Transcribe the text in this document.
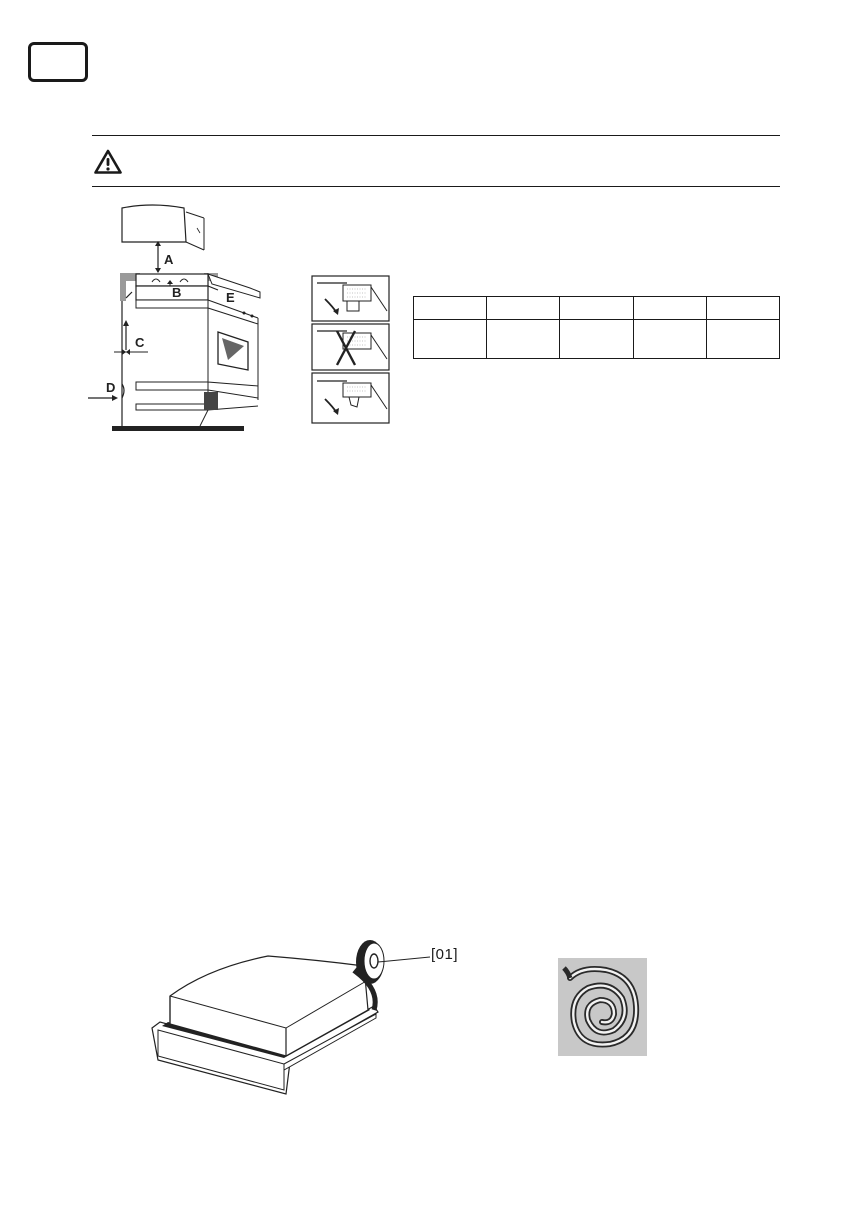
A
B
C
D
E

[01]
